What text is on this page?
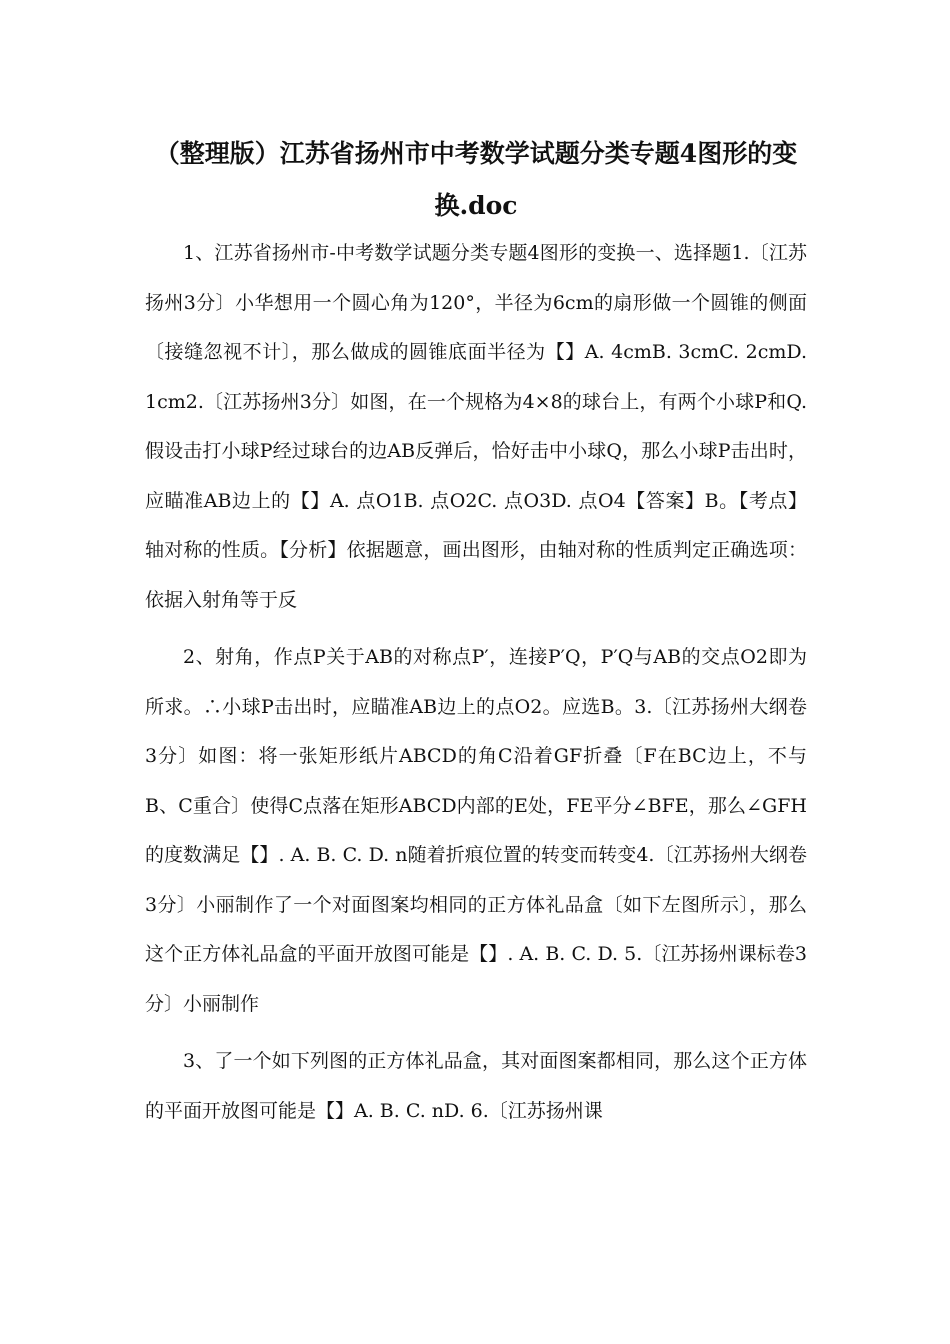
（整理版）江苏省扬州市中考数学试题分类专题4图形的变换.doc

1、江苏省扬州市-中考数学试题分类专题4图形的变换一、选择题1.〔江苏扬州3分〕小华想用一个圆心角为120°，半径为6cm的扇形做一个圆锥的侧面〔接缝忽视不计〕，那么做成的圆锥底面半径为【】A. 4cmB. 3cmC. 2cmD. 1cm2.〔江苏扬州3分〕如图，在一个规格为4×8的球台上，有两个小球P和Q. 假设击打小球P经过球台的边AB反弹后，恰好击中小球Q，那么小球P击出时，应瞄准AB边上的【】A. 点O1B. 点O2C. 点O3D. 点O4【答案】B。【考点】轴对称的性质。【分析】依据题意，画出图形，由轴对称的性质判定正确选项：依据入射角等于反

2、射角，作点P关于AB的对称点P′，连接P′Q，P′Q与AB的交点O2即为所求。∴小球P击出时，应瞄准AB边上的点O2。应选B。3.〔江苏扬州大纲卷3分〕如图：将一张矩形纸片ABCD的角C沿着GF折叠〔F在BC边上，不与B、C重合〕使得C点落在矩形ABCD内部的E处，FE平分∠BFE，那么∠GFH的度数满足【】. A. B. C. D. n随着折痕位置的转变而转变4.〔江苏扬州大纲卷3分〕小丽制作了一个对面图案均相同的正方体礼品盒〔如下左图所示〕，那么这个正方体礼品盒的平面开放图可能是【】. A. B. C. D. 5.〔江苏扬州课标卷3分〕小丽制作

3、了一个如下列图的正方体礼品盒，其对面图案都相同，那么这个正方体的平面开放图可能是【】A. B. C. nD. 6.〔江苏扬州课
